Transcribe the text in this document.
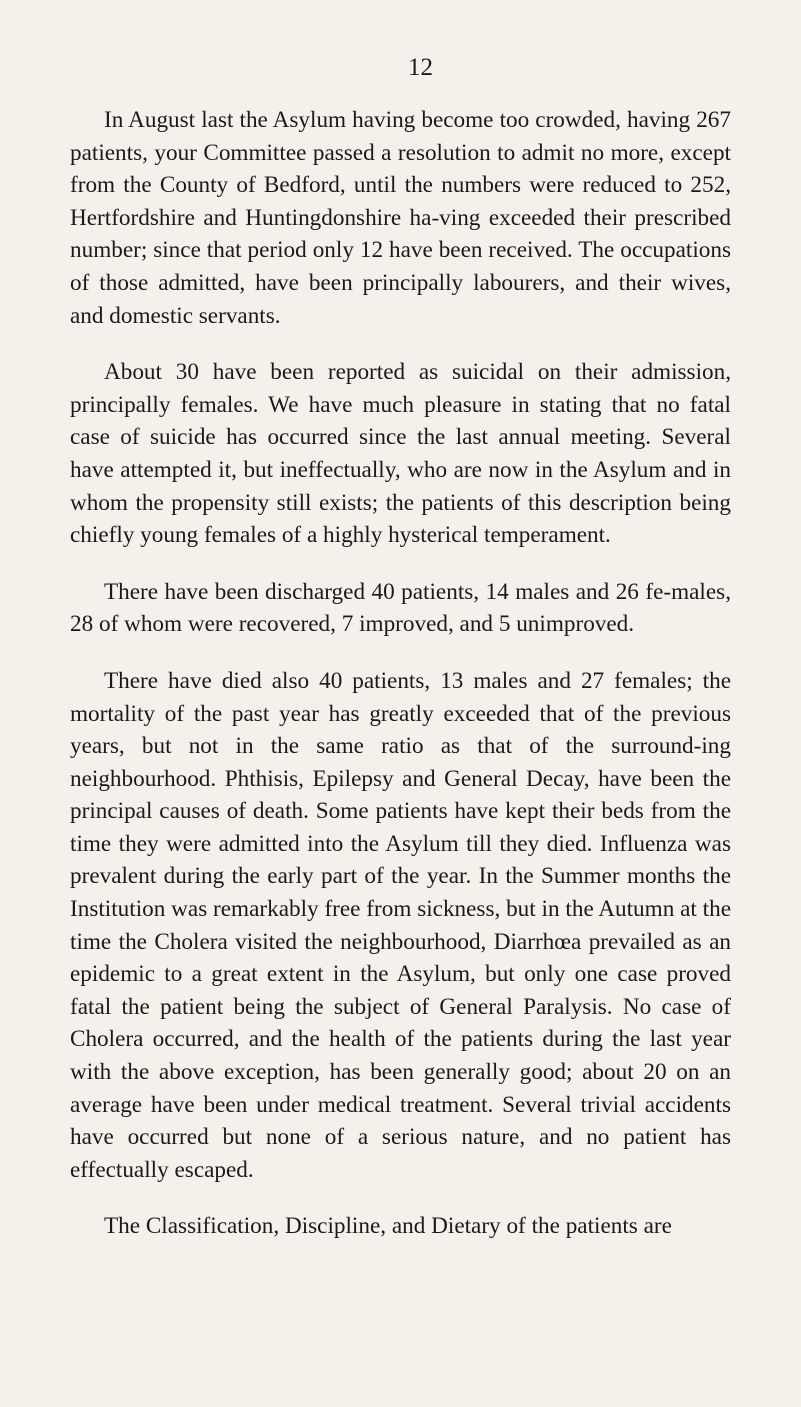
12

In August last the Asylum having become too crowded, having 267 patients, your Committee passed a resolution to admit no more, except from the County of Bedford, until the numbers were reduced to 252, Hertfordshire and Huntingdonshire ha-ving exceeded their prescribed number; since that period only 12 have been received. The occupations of those admitted, have been principally labourers, and their wives, and domestic servants.

About 30 have been reported as suicidal on their admission, principally females. We have much pleasure in stating that no fatal case of suicide has occurred since the last annual meeting. Several have attempted it, but ineffectually, who are now in the Asylum and in whom the propensity still exists; the patients of this description being chiefly young females of a highly hysterical temperament.

There have been discharged 40 patients, 14 males and 26 fe-males, 28 of whom were recovered, 7 improved, and 5 unimproved.

There have died also 40 patients, 13 males and 27 females; the mortality of the past year has greatly exceeded that of the previous years, but not in the same ratio as that of the surround-ing neighbourhood. Phthisis, Epilepsy and General Decay, have been the principal causes of death. Some patients have kept their beds from the time they were admitted into the Asylum till they died. Influenza was prevalent during the early part of the year. In the Summer months the Institution was remarkably free from sickness, but in the Autumn at the time the Cholera visited the neighbourhood, Diarrhœa prevailed as an epidemic to a great extent in the Asylum, but only one case proved fatal the patient being the subject of General Paralysis. No case of Cholera occurred, and the health of the patients during the last year with the above exception, has been generally good; about 20 on an average have been under medical treatment. Several trivial accidents have occurred but none of a serious nature, and no patient has effectually escaped.

The Classification, Discipline, and Dietary of the patients are
